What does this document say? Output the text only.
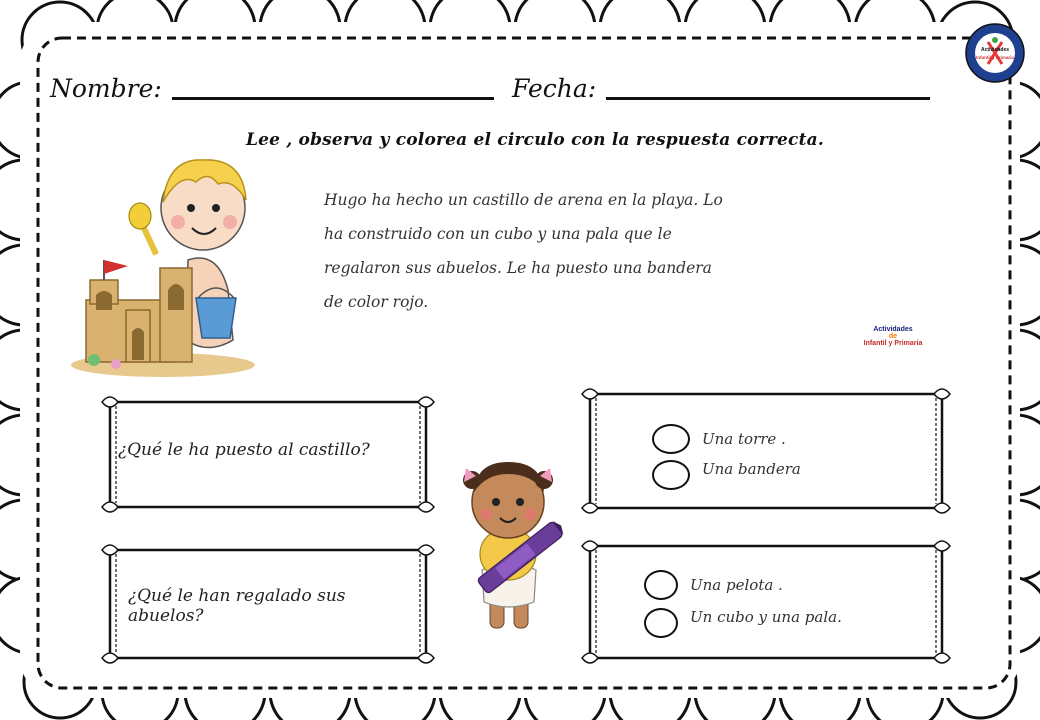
Nombre:	Fecha:
Actividades
Infantil y Primaria
Lee , observa y colorea el circulo con la respuesta correcta.
Hugo ha hecho un castillo de arena en la playa. Lo
ha construido con un cubo y una pala que le
regalaron sus abuelos. Le ha puesto una bandera
de color rojo.
Actividades
de
Infantil y Primaria
¿Qué le ha puesto al castillo?
¿Qué le han regalado sus abuelos?
Una torre .
Una bandera
Una pelota .
Un cubo y una pala.
